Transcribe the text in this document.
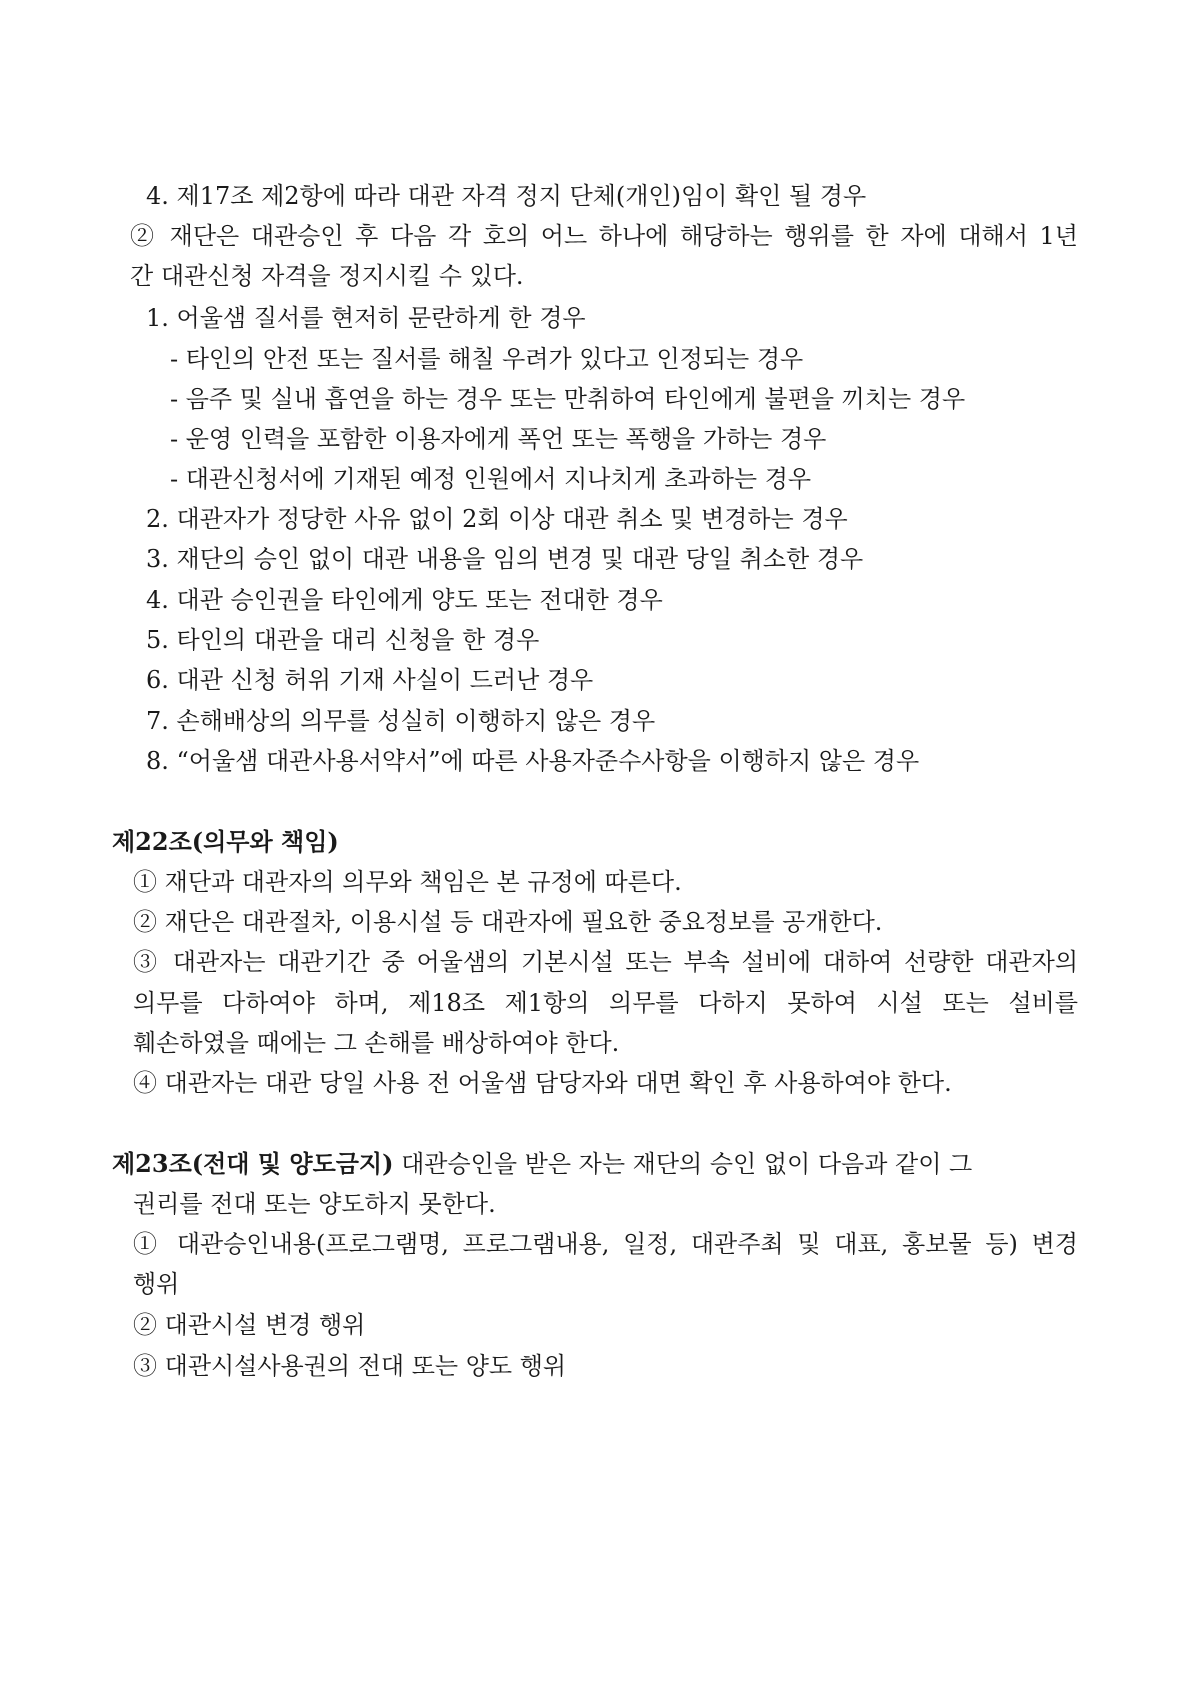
4. 제17조 제2항에 따라 대관 자격 정지 단체(개인)임이 확인 될 경우
② 재단은 대관승인 후 다음 각 호의 어느 하나에 해당하는 행위를 한 자에 대해서 1년
간 대관신청 자격을 정지시킬 수 있다.
1. 어울샘 질서를 현저히 문란하게 한 경우
- 타인의 안전 또는 질서를 해칠 우려가 있다고 인정되는 경우
- 음주 및 실내 흡연을 하는 경우 또는 만취하여 타인에게 불편을 끼치는 경우
- 운영 인력을 포함한 이용자에게 폭언 또는 폭행을 가하는 경우
- 대관신청서에 기재된 예정 인원에서 지나치게 초과하는 경우
2. 대관자가 정당한 사유 없이 2회 이상 대관 취소 및 변경하는 경우
3. 재단의 승인 없이 대관 내용을 임의 변경 및 대관 당일 취소한 경우
4. 대관 승인권을 타인에게 양도 또는 전대한 경우
5. 타인의 대관을 대리 신청을 한 경우
6. 대관 신청 허위 기재 사실이 드러난 경우
7. 손해배상의 의무를 성실히 이행하지 않은 경우
8. “어울샘 대관사용서약서”에 따른 사용자준수사항을 이행하지 않은 경우
제22조(의무와 책임)
① 재단과 대관자의 의무와 책임은 본 규정에 따른다.
② 재단은 대관절차, 이용시설 등 대관자에 필요한 중요정보를 공개한다.
③ 대관자는 대관기간 중 어울샘의 기본시설 또는 부속 설비에 대하여 선량한 대관자의
의무를 다하여야 하며, 제18조 제1항의 의무를 다하지 못하여 시설 또는 설비를
훼손하였을 때에는 그 손해를 배상하여야 한다.
④ 대관자는 대관 당일 사용 전 어울샘 담당자와 대면 확인 후 사용하여야 한다.
제23조(전대 및 양도금지) 대관승인을 받은 자는 재단의 승인 없이 다음과 같이 그
권리를 전대 또는 양도하지 못한다.
① 대관승인내용(프로그램명, 프로그램내용, 일정, 대관주최 및 대표, 홍보물 등) 변경
행위
② 대관시설 변경 행위
③ 대관시설사용권의 전대 또는 양도 행위
